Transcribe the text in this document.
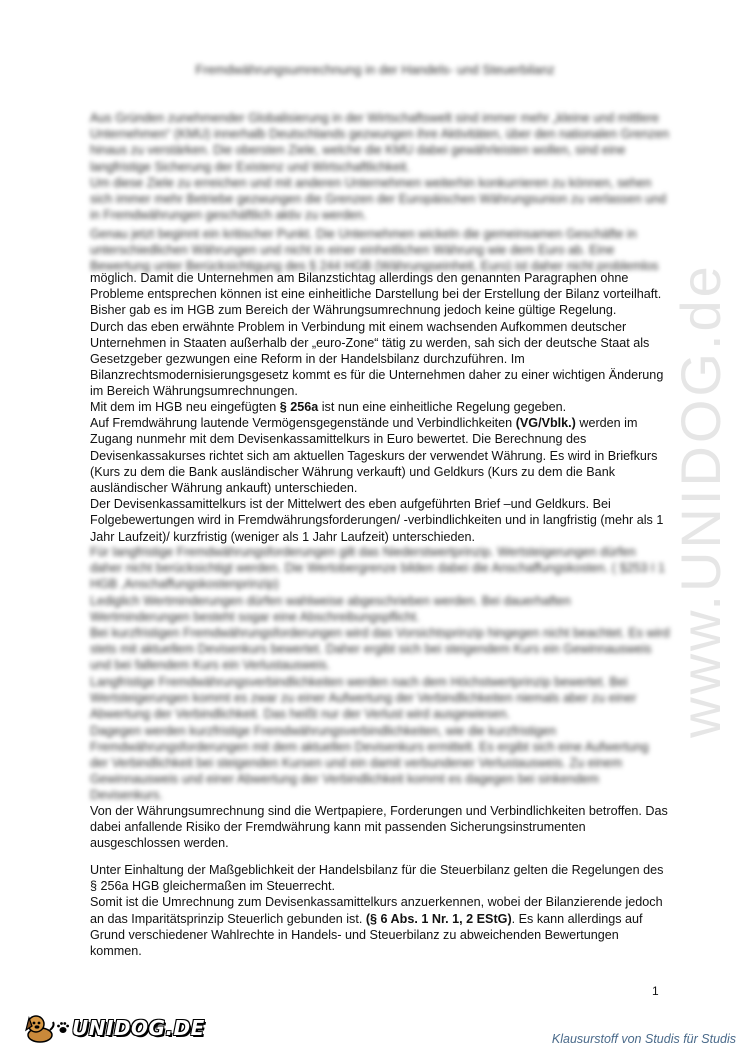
www.UNIDOG.de
Fremdwährungsumrechnung in der Handels- und Steuerbilanz

Aus Gründen zunehmender Globalisierung in der Wirtschaftswelt sind immer mehr „kleine und mittlere Unternehmen“ (KMU) innerhalb Deutschlands gezwungen ihre Aktivitäten, über den nationalen Grenzen hinaus zu verstärken. Die obersten Ziele, welche die KMU dabei gewährleisten wollen, sind eine langfristige Sicherung der Existenz und Wirtschaftlichkeit.

Um diese Ziele zu erreichen und mit anderen Unternehmen weiterhin konkurrieren zu können, sehen sich immer mehr Betriebe gezwungen die Grenzen der Europäischen Währungsunion zu verlassen und in Fremdwährungen geschäftlich aktiv zu werden.

Genau jetzt beginnt ein kritischer Punkt. Die Unternehmen wickeln die gemeinsamen Geschäfte in unterschiedlichen Währungen und nicht in einer einheitlichen Währung wie dem Euro ab. Eine Bewertung unter Berücksichtigung des § 244 HGB (Währungseinheit, Euro) ist daher nicht problemlos

möglich. Damit die Unternehmen am Bilanzstichtag allerdings den genannten Paragraphen ohne Probleme entsprechen können ist eine einheitliche Darstellung bei der Erstellung der Bilanz vorteilhaft. Bisher gab es im HGB zum Bereich der Währungsumrechnung jedoch keine gültige Regelung.

Durch das eben erwähnte Problem in Verbindung mit einem wachsenden Aufkommen deutscher Unternehmen in Staaten außerhalb der „euro-Zone“ tätig zu werden, sah sich der deutsche Staat als Gesetzgeber gezwungen eine Reform in der Handelsbilanz durchzuführen. Im Bilanzrechtsmodernisierungsgesetz kommt es für die Unternehmen daher zu einer wichtigen Änderung im Bereich Währungsumrechnungen.

Mit dem im HGB neu eingefügten § 256a ist nun eine einheitliche Regelung gegeben.

Auf Fremdwährung lautende Vermögensgegenstände und Verbindlichkeiten (VG/Vblk.) werden im Zugang nunmehr mit dem Devisenkassamittelkurs in Euro bewertet. Die Berechnung des Devisenkassakurses richtet sich am aktuellen Tageskurs der verwendet Währung. Es wird in Briefkurs (Kurs zu dem die Bank ausländischer Währung verkauft) und Geldkurs (Kurs zu dem die Bank ausländischer Währung ankauft) unterschieden.

Der Devisenkassamittelkurs ist der Mittelwert des eben aufgeführten Brief –und Geldkurs. Bei Folgebewertungen wird in Fremdwährungsforderungen/ -verbindlichkeiten und in langfristig (mehr als 1 Jahr Laufzeit)/ kurzfristig (weniger als 1 Jahr Laufzeit) unterschieden.

Für langfristige Fremdwährungsforderungen gilt das Niederstwertprinzip. Wertsteigerungen dürfen daher nicht berücksichtigt werden. Die Wertobergrenze bilden dabei die Anschaffungskosten. ( §253 I 1 HGB ,Anschaffungskostenprinzip)

Lediglich Wertminderungen dürfen wahlweise abgeschrieben werden. Bei dauerhaften Wertminderungen besteht sogar eine Abschreibungspflicht.

Bei kurzfristigen Fremdwährungsforderungen wird das Vorsichtsprinzip hingegen nicht beachtet. Es wird stets mit aktuellem Devisenkurs bewertet. Daher ergibt sich bei steigendem Kurs ein Gewinnausweis und bei fallendem Kurs ein Verlustausweis.

Langfristige Fremdwährungsverbindlichkeiten werden nach dem Höchstwertprinzip bewertet. Bei Wertsteigerungen kommt es zwar zu einer Aufwertung der Verbindlichkeiten niemals aber zu einer Abwertung der Verbindlichkeit. Das heißt nur der Verlust wird ausgewiesen.

Dagegen werden kurzfristige Fremdwährungsverbindlichkeiten, wie die kurzfristigen Fremdwährungsforderungen mit dem aktuellen Devisenkurs ermittelt. Es ergibt sich eine Aufwertung der Verbindlichkeit bei steigenden Kursen und ein damit verbundener Verlustausweis. Zu einem Gewinnausweis und einer Abwertung der Verbindlichkeit kommt es dagegen bei sinkendem Devisenkurs.

Von der Währungsumrechnung sind die Wertpapiere, Forderungen und Verbindlichkeiten betroffen. Das dabei anfallende Risiko der Fremdwährung kann mit passenden Sicherungsinstrumenten ausgeschlossen werden.

Unter Einhaltung der Maßgeblichkeit der Handelsbilanz für die Steuerbilanz gelten die Regelungen des § 256a HGB gleichermaßen im Steuerrecht.

Somit ist die Umrechnung zum Devisenkassamittelkurs anzuerkennen, wobei der Bilanzierende jedoch an das Imparitätsprinzip Steuerlich gebunden ist. (§ 6 Abs. 1 Nr. 1, 2 EStG). Es kann allerdings auf Grund verschiedener Wahlrechte in Handels- und Steuerbilanz zu abweichenden Bewertungen kommen.

1
UNIDOG.DE	Klausurstoff von Studis für Studis
